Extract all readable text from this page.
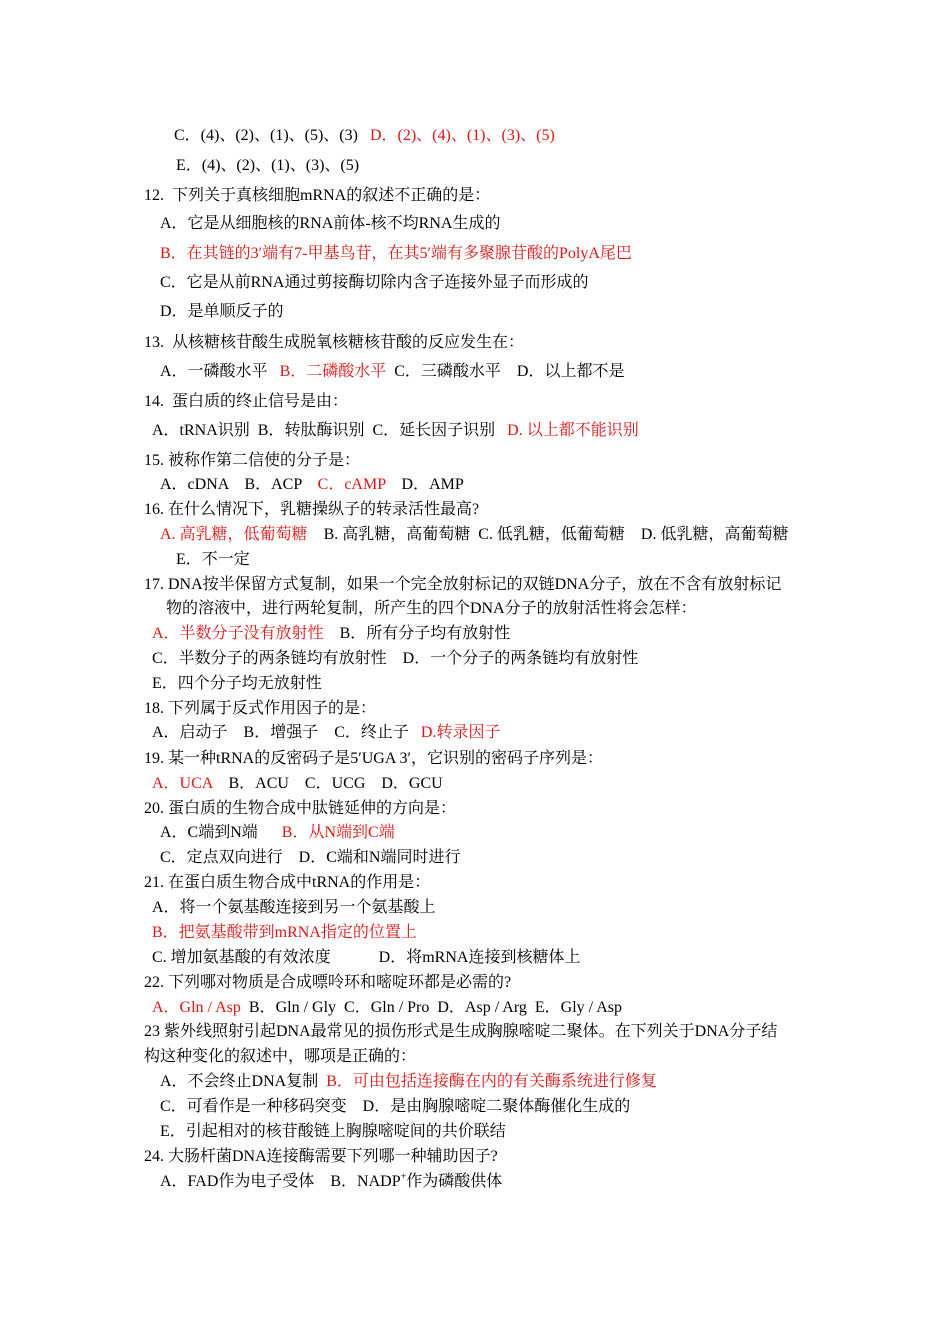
C．(4)、(2)、(1)、(5)、(3)   D．(2)、(4)、(1)、(3)、(5)
E．(4)、(2)、(1)、(3)、(5)
12.  下列关于真核细胞mRNA的叙述不正确的是：
A．它是从细胞核的RNA前体-核不均RNA生成的
B．在其链的3′端有7-甲基鸟苷，在其5′端有多聚腺苷酸的PolyA尾巴
C．它是从前RNA通过剪接酶切除内含子连接外显子而形成的
D．是单顺反子的
13.  从核糖核苷酸生成脱氧核糖核苷酸的反应发生在：
A．一磷酸水平   B．二磷酸水平  C．三磷酸水平    D．以上都不是
14.  蛋白质的终止信号是由：
A．tRNA识别  B．转肽酶识别  C．延长因子识别   D. 以上都不能识别
15. 被称作第二信使的分子是：
A．cDNA    B．ACP    C．cAMP    D．AMP
16. 在什么情况下，乳糖操纵子的转录活性最高?
A. 高乳糖，低葡萄糖    B. 高乳糖，高葡萄糖  C. 低乳糖，低葡萄糖    D. 低乳糖，高葡萄糖
E．不一定
17. DNA按半保留方式复制，如果一个完全放射标记的双链DNA分子，放在不含有放射标记
物的溶液中，进行两轮复制，所产生的四个DNA分子的放射活性将会怎样：
A．半数分子没有放射性    B．所有分子均有放射性
C．半数分子的两条链均有放射性    D．一个分子的两条链均有放射性
E．四个分子均无放射性
18. 下列属于反式作用因子的是：
A．启动子    B．增强子    C．终止子   D.转录因子
19. 某一种tRNA的反密码子是5′UGA 3′，它识别的密码子序列是：
A．UCA    B．ACU    C．UCG    D．GCU
20. 蛋白质的生物合成中肽链延伸的方向是：
A．C端到N端      B．从N端到C端
C．定点双向进行    D．C端和N端同时进行
21. 在蛋白质生物合成中tRNA的作用是：
A．将一个氨基酸连接到另一个氨基酸上
B．把氨基酸带到mRNA指定的位置上
C. 增加氨基酸的有效浓度            D．将mRNA连接到核糖体上
22. 下列哪对物质是合成嘌呤环和嘧啶环都是必需的?
A．Gln / Asp  B．Gln / Gly  C．Gln / Pro  D．Asp / Arg  E．Gly / Asp
23 紫外线照射引起DNA最常见的损伤形式是生成胸腺嘧啶二聚体。在下列关于DNA分子结
构这种变化的叙述中，哪项是正确的：
A．不会终止DNA复制  B．可由包括连接酶在内的有关酶系统进行修复
C．可看作是一种移码突变    D．是由胸腺嘧啶二聚体酶催化生成的
E．引起相对的核苷酸链上胸腺嘧啶间的共价联结
24. 大肠杆菌DNA连接酶需要下列哪一种辅助因子?
A．FAD作为电子受体    B．NADP+作为磷酸供体
